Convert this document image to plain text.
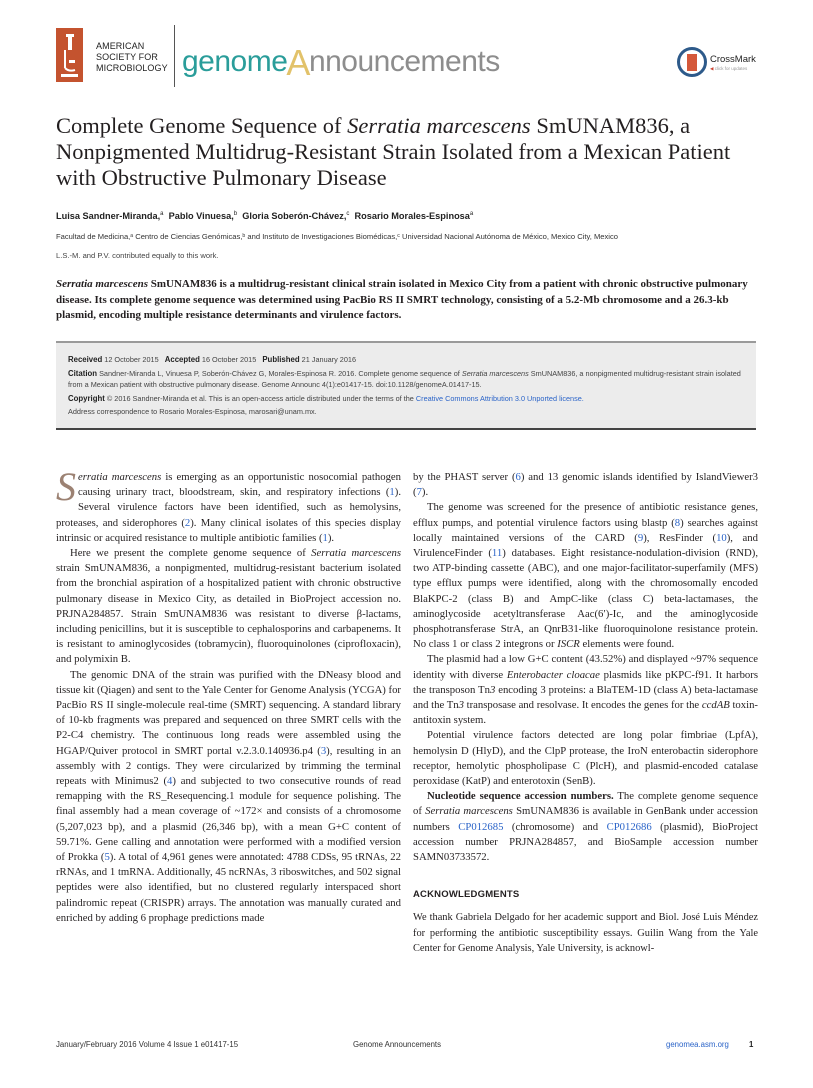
AMERICAN
SOCIETY FOR
MICROBIOLOGY genomeAnnouncements	CrossMark
◀ click for updates
Complete Genome Sequence of Serratia marcescens SmUNAM836, a Nonpigmented Multidrug-Resistant Strain Isolated from a Mexican Patient with Obstructive Pulmonary Disease
Luisa Sandner-Miranda,$^a$ Pablo Vinuesa,$^b$ Gloria Soberón-Chávez,$^c$ Rosario Morales-Espinosa$^a$
Facultad de Medicina,ᵃ Centro de Ciencias Genómicas,ᵇ and Instituto de Investigaciones Biomédicas,ᶜ Universidad Nacional Autónoma de México, Mexico City, Mexico
L.S.-M. and P.V. contributed equally to this work.
Serratia marcescens SmUNAM836 is a multidrug-resistant clinical strain isolated in Mexico City from a patient with chronic obstructive pulmonary disease. Its complete genome sequence was determined using PacBio RS II SMRT technology, consisting of a 5.2-Mb chromosome and a 26.3-kb plasmid, encoding multiple resistance determinants and virulence factors.
Received 12 October 2015 Accepted 16 October 2015 Published 21 January 2016
Citation Sandner-Miranda L, Vinuesa P, Soberón-Chávez G, Morales-Espinosa R. 2016. Complete genome sequence of Serratia marcescens SmUNAM836, a nonpigmented multidrug-resistant strain isolated from a Mexican patient with obstructive pulmonary disease. Genome Announc 4(1):e01417-15. doi:10.1128/genomeA.01417-15.
Copyright © 2016 Sandner-Miranda et al. This is an open-access article distributed under the terms of the Creative Commons Attribution 3.0 Unported license.
Address correspondence to Rosario Morales-Espinosa, marosari@unam.mx.

Serratia marcescens is emerging as an opportunistic nosocomial pathogen causing urinary tract, bloodstream, skin, and respiratory infections (1). Several virulence factors have been identified, such as hemolysins, proteases, and siderophores (2). Many clinical isolates of this species display intrinsic or acquired resistance to multiple antibiotic families (1).

Here we present the complete genome sequence of Serratia marcescens strain SmUNAM836, a nonpigmented, multidrug-resistant bacterium isolated from the bronchial aspiration of a hospitalized patient with chronic obstructive pulmonary disease in Mexico City, as detailed in BioProject accession no. PRJNA284857. Strain SmUNAM836 was resistant to diverse β-lactams, including penicillins, but it is susceptible to cephalosporins and carbapenems. It is resistant to aminoglycosides (tobramycin), fluoroquinolones (ciprofloxacin), and polymixin B.

The genomic DNA of the strain was purified with the DNeasy blood and tissue kit (Qiagen) and sent to the Yale Center for Genome Analysis (YCGA) for PacBio RS II single-molecule real-time (SMRT) sequencing. A standard library of 10-kb fragments was prepared and sequenced on three SMRT cells with the P2-C4 chemistry. The continuous long reads were assembled using the HGAP/Quiver protocol in SMRT portal v.2.3.0.140936.p4 (3), resulting in an assembly with 2 contigs. They were circularized by trimming the terminal repeats with Minimus2 (4) and subjected to two consecutive rounds of read remapping with the RS_Resequencing.1 module for sequence polishing. The final assembly had a mean coverage of ~172× and consists of a chromosome (5,207,023 bp), and a plasmid (26,346 bp), with a mean G+C content of 59.71%. Gene calling and annotation were performed with a modified version of Prokka (5). A total of 4,961 genes were annotated: 4788 CDSs, 95 tRNAs, 22 rRNAs, and 1 tmRNA. Additionally, 45 ncRNAs, 3 riboswitches, and 502 signal peptides were also identified, but no clustered regularly interspaced short palindromic repeat (CRISPR) arrays. The annotation was manually curated and enriched by adding 6 prophage predictions made

by the PHAST server (6) and 13 genomic islands identified by IslandViewer3 (7).

The genome was screened for the presence of antibiotic resistance genes, efflux pumps, and potential virulence factors using blastp (8) searches against locally maintained versions of the CARD (9), ResFinder (10), and VirulenceFinder (11) databases. Eight resistance-nodulation-division (RND), two ATP-binding cassette (ABC), and one major-facilitator-superfamily (MFS) type efflux pumps were identified, along with the chromosomally encoded BlaKPC-2 (class B) and AmpC-like (class C) beta-lactamases, the aminoglycoside acetyltransferase Aac(6′)-Ic, and the aminoglycoside phosphotransferase StrA, an QnrB31-like fluoroquinolone resistance protein. No class 1 or class 2 integrons or ISCR elements were found.

The plasmid had a low G+C content (43.52%) and displayed ~97% sequence identity with diverse Enterobacter cloacae plasmids like pKPC-f91. It harbors the transposon Tn3 encoding 3 proteins: a BlaTEM-1D (class A) beta-lactamase and the Tn3 transposase and resolvase. It encodes the genes for the ccdAB toxin-antitoxin system.

Potential virulence factors detected are long polar fimbriae (LpfA), hemolysin D (HlyD), and the ClpP protease, the IroN enterobactin siderophore receptor, hemolytic phospholipase C (PlcH), and plasmid-encoded catalase peroxidase (KatP) and enterotoxin (SenB).

Nucleotide sequence accession numbers. The complete genome sequence of Serratia marcescens SmUNAM836 is available in GenBank under accession numbers CP012685 (chromosome) and CP012686 (plasmid), BioProject accession number PRJNA284857, and BioSample accession number SAMN03733572.

ACKNOWLEDGMENTS

We thank Gabriela Delgado for her academic support and Biol. José Luis Méndez for performing the antibiotic susceptibility essays. Guilin Wang from the Yale Center for Genome Analysis, Yale University, is acknowl-

January/February 2016 Volume 4 Issue 1 e01417-15	Genome Announcements	genomea.asm.org	1
